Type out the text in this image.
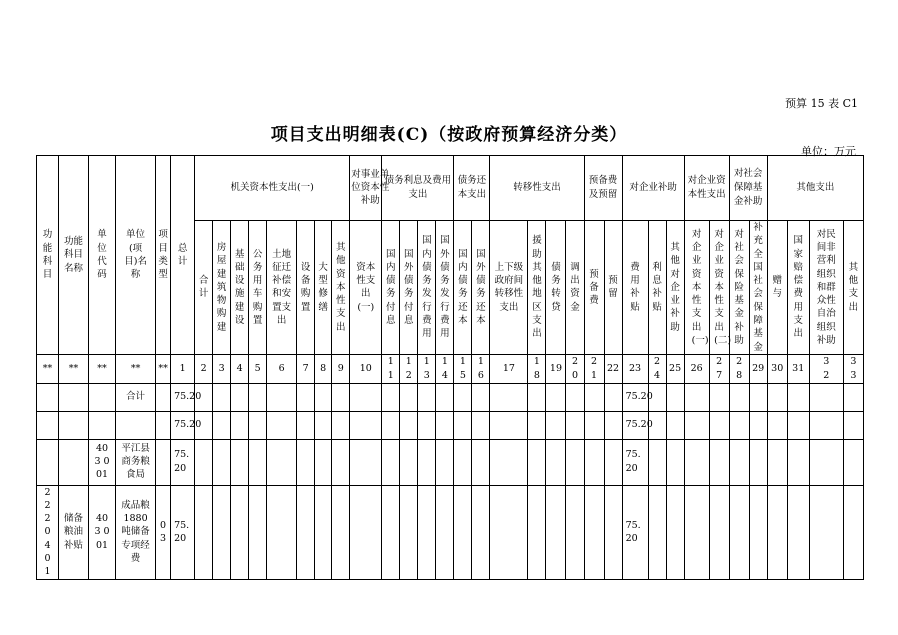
预算 15 表 C1
项目支出明细表(C)（按政府预算经济分类）
单位：万元
功能科目	功能科目名称	单位代码	单位(项目)名称	项目类型	总计	机关资本性支出(一)								对事业单位资本性补助	债务利息及费用支出				债务还本支出		转移性支出				预备费及预留		对企业补助			对企业资本性支出		对社会保障基金补助		其他支出			
						合计	房屋建筑物购建	基础设施建设	公务用车购置	土地征迁补偿和安置支出	设备购置	大型修缮	其他资本性支出	资本性支出(一)	国内债务付息	国外债务付息	国内债务发行费用	国外债务发行费用	国内债务还本	国外债务还本	上下级政府间转移性支出	援助其他地区支出	债务转贷	调出资金	预备费	预留	费用补贴	利息补贴	其他对企业补助	对企业资本性支出(一)	对企业资本性支出(二)	对社会保险基金补助	补充全国社会保障基金	赠与	国家赔偿费用支出	对民间非营利组织和群众性自治组织补助	其他支出
**	**	**	**	**	1	2	3	4	5	6	7	8	9	10	11	12	13	14	15	16	17	18	19	20	21	22	23	24	25	26	27	28	29	30	31	32	33
			合计		75.20																						75.20										
					75.20																						75.20										
		403 001	平江县商务粮食局		75.20																						75.20										
22 20 40 1	储备粮油补贴	403 001	成品粮1880吨储备专项经费	03	75.20																						75.20										
